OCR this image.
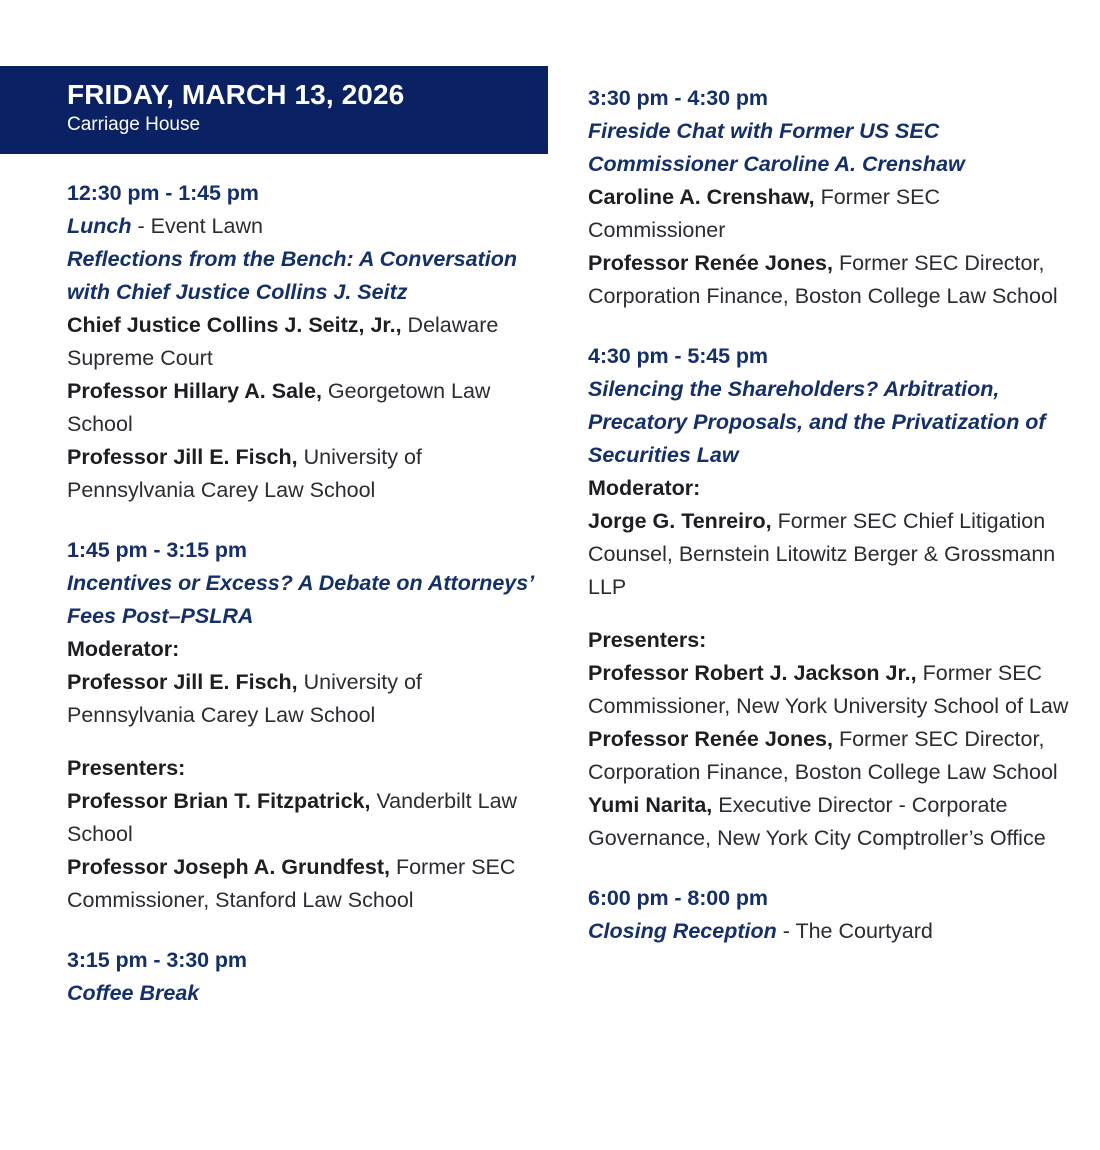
FRIDAY, MARCH 13, 2026
Carriage House
12:30 pm - 1:45 pm
Lunch - Event Lawn
Reflections from the Bench: A Conversation with Chief Justice Collins J. Seitz
Chief Justice Collins J. Seitz, Jr., Delaware Supreme Court
Professor Hillary A. Sale, Georgetown Law School
Professor Jill E. Fisch, University of Pennsylvania Carey Law School
1:45 pm - 3:15 pm
Incentives or Excess? A Debate on Attorneys’ Fees Post–PSLRA
Moderator:
Professor Jill E. Fisch, University of Pennsylvania Carey Law School
Presenters:
Professor Brian T. Fitzpatrick, Vanderbilt Law School
Professor Joseph A. Grundfest, Former SEC Commissioner, Stanford Law School
3:15 pm - 3:30 pm
Coffee Break
3:30 pm - 4:30 pm
Fireside Chat with Former US SEC Commissioner Caroline A. Crenshaw
Caroline A. Crenshaw, Former SEC Commissioner
Professor Renée Jones, Former SEC Director, Corporation Finance, Boston College Law School
4:30 pm - 5:45 pm
Silencing the Shareholders? Arbitration, Precatory Proposals, and the Privatization of Securities Law
Moderator:
Jorge G. Tenreiro, Former SEC Chief Litigation Counsel, Bernstein Litowitz Berger & Grossmann LLP
Presenters:
Professor Robert J. Jackson Jr., Former SEC Commissioner, New York University School of Law
Professor Renée Jones, Former SEC Director, Corporation Finance, Boston College Law School
Yumi Narita, Executive Director - Corporate Governance, New York City Comptroller’s Office
6:00 pm - 8:00 pm
Closing Reception - The Courtyard
